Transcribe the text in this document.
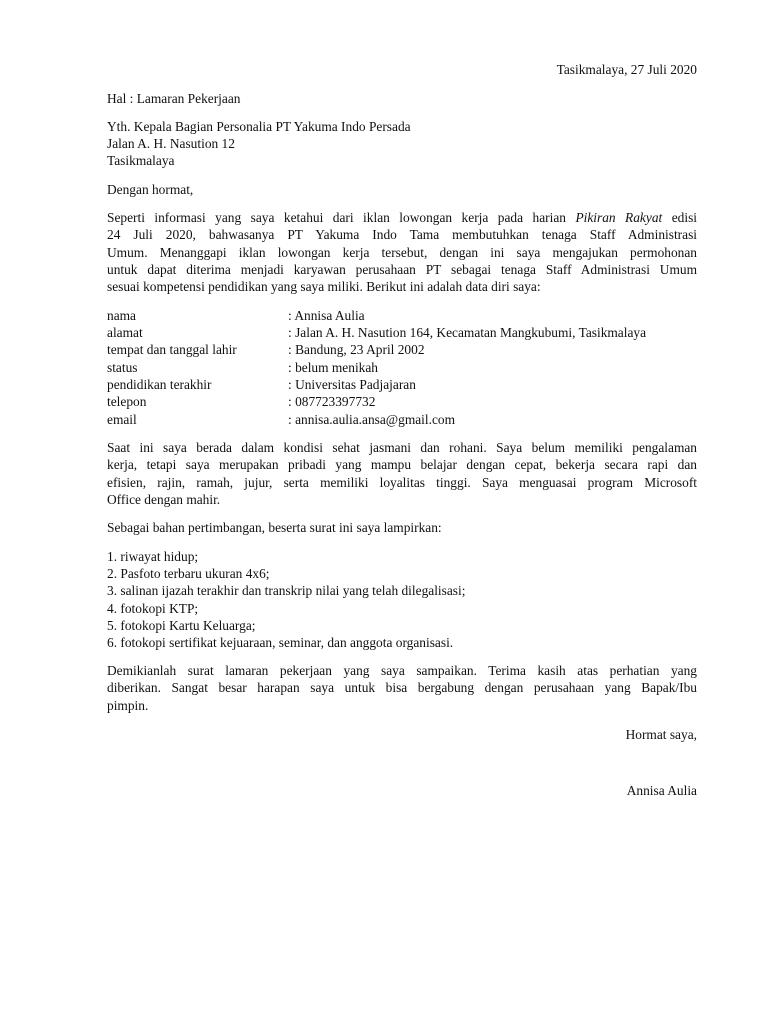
Tasikmalaya, 27 Juli 2020
Hal : Lamaran Pekerjaan
Yth. Kepala Bagian Personalia PT Yakuma Indo Persada
Jalan A. H. Nasution 12
Tasikmalaya
Dengan hormat,
Seperti informasi yang saya ketahui dari iklan lowongan kerja pada harian Pikiran Rakyat edisi
24 Juli 2020, bahwasanya PT Yakuma Indo Tama membutuhkan tenaga Staff Administrasi
Umum. Menanggapi iklan lowongan kerja tersebut, dengan ini saya mengajukan permohonan
untuk dapat diterima menjadi karyawan perusahaan PT sebagai tenaga Staff Administrasi Umum
sesuai kompetensi pendidikan yang saya miliki. Berikut ini adalah data diri saya:
nama	: Annisa Aulia
alamat	: Jalan A. H. Nasution 164, Kecamatan Mangkubumi, Tasikmalaya
tempat dan tanggal lahir	: Bandung, 23 April 2002
status	: belum menikah
pendidikan terakhir	: Universitas Padjajaran
telepon	: 087723397732
email	: annisa.aulia.ansa@gmail.com
Saat ini saya berada dalam kondisi sehat jasmani dan rohani. Saya belum memiliki pengalaman
kerja, tetapi saya merupakan pribadi yang mampu belajar dengan cepat, bekerja secara rapi dan
efisien, rajin, ramah, jujur, serta memiliki loyalitas tinggi. Saya menguasai program Microsoft
Office dengan mahir.
Sebagai bahan pertimbangan, beserta surat ini saya lampirkan:
1. riwayat hidup;
2. Pasfoto terbaru ukuran 4x6;
3. salinan ijazah terakhir dan transkrip nilai yang telah dilegalisasi;
4. fotokopi KTP;
5. fotokopi Kartu Keluarga;
6. fotokopi sertifikat kejuaraan, seminar, dan anggota organisasi.
Demikianlah surat lamaran pekerjaan yang saya sampaikan. Terima kasih atas perhatian yang
diberikan. Sangat besar harapan saya untuk bisa bergabung dengan perusahaan yang Bapak/Ibu
pimpin.
Hormat saya,
Annisa Aulia
